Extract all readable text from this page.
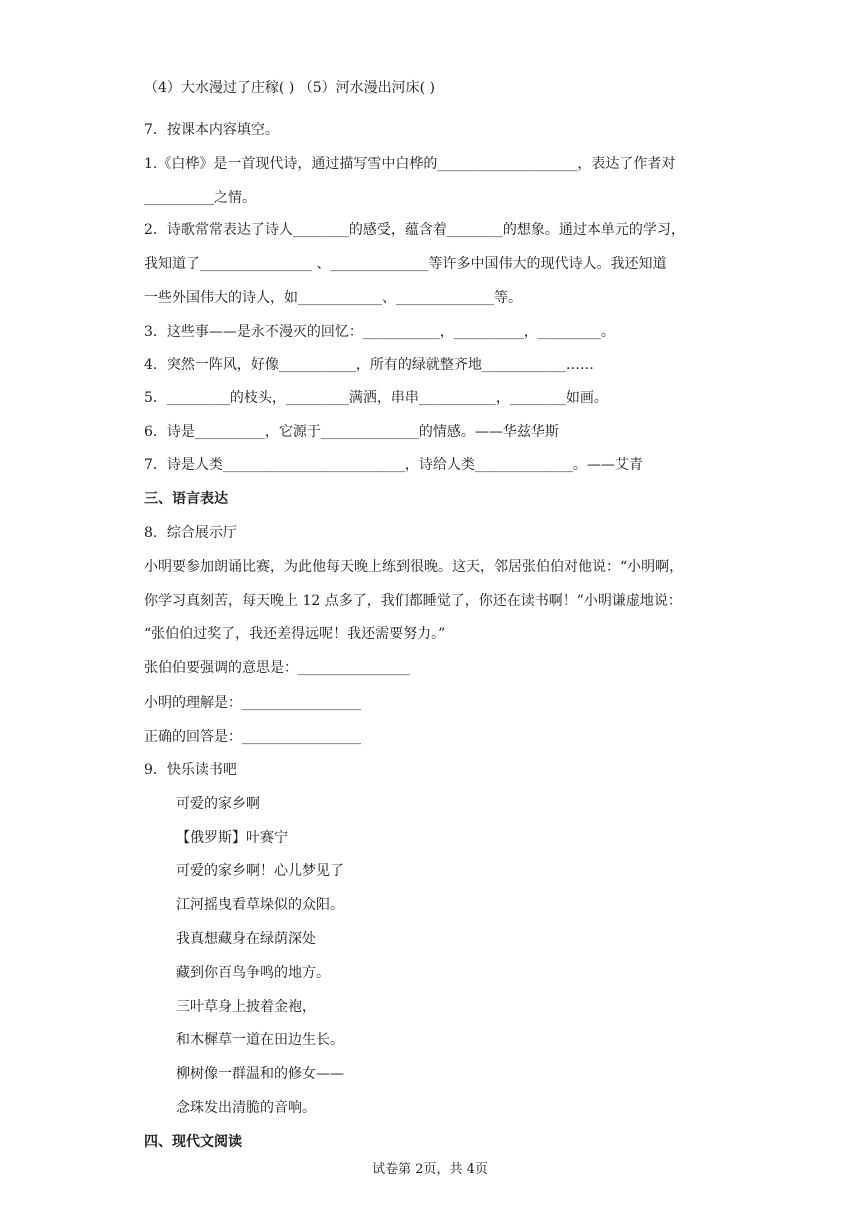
（4）大水漫过了庄稼( ) （5）河水漫出河床( )
7．按课本内容填空。
1.《白桦》是一首现代诗，通过描写雪中白桦的____________________，表达了作者对
__________之情。
2．诗歌常常表达了诗人________的感受，蕴含着________的想象。通过本单元的学习，
我知道了________________ 、______________等许多中国伟大的现代诗人。我还知道
一些外国伟大的诗人，如____________、______________等。
3．这些事——是永不漫灭的回忆：___________，__________，_________。
4．突然一阵风，好像___________，所有的绿就整齐地____________……
5．_________的枝头，_________满洒，串串___________，________如画。
6．诗是__________，它源于______________的情感。——华兹华斯
7．诗是人类__________________________，诗给人类______________。——艾青
三、语言表达
8．综合展示厅
小明要参加朗诵比赛，为此他每天晚上练到很晚。这天，邻居张伯伯对他说：“小明啊，
你学习真刻苦，每天晚上 12 点多了，我们都睡觉了，你还在读书啊！”小明谦虚地说：
“张伯伯过奖了，我还差得远呢！我还需要努力。”
张伯伯要强调的意思是：________________
小明的理解是：_________________
正确的回答是：_________________
9．快乐读书吧
可爱的家乡啊
【俄罗斯】叶赛宁
可爱的家乡啊！心儿梦见了
江河摇曳看草垛似的众阳。
我真想藏身在绿荫深处
藏到你百鸟争鸣的地方。
三叶草身上披着金袍，
和木樨草一道在田边生长。
柳树像一群温和的修女——
念珠发出清脆的音响。
四、现代文阅读
试卷第 2页，共 4页
